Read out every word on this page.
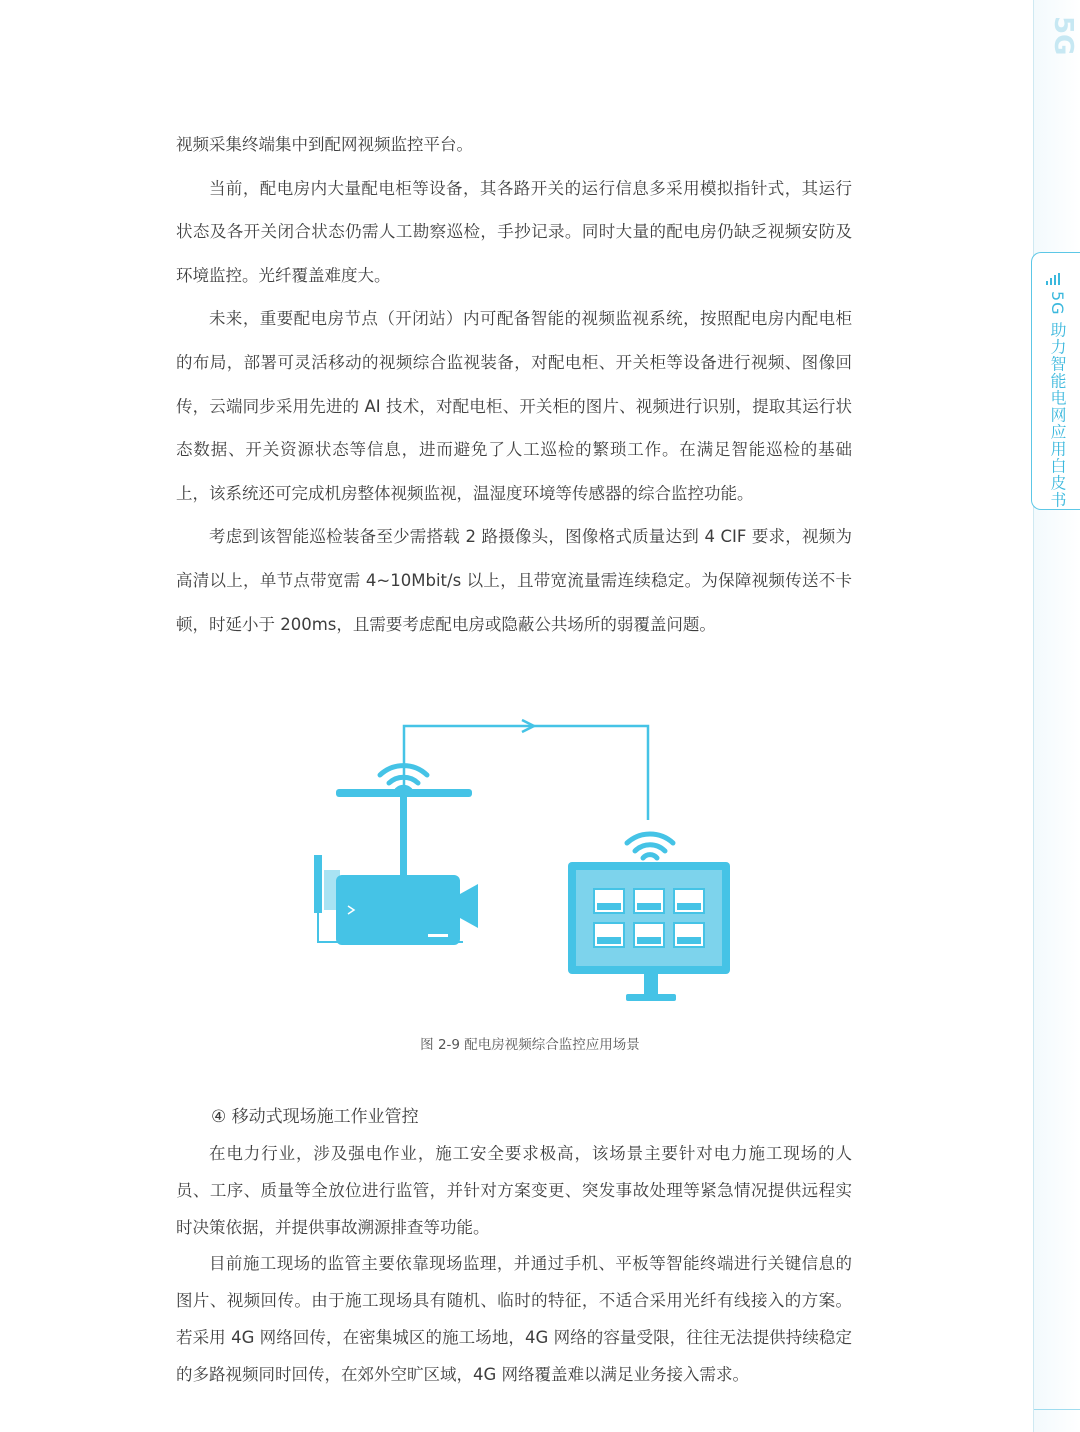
5G
5G 助力智能电网应用白皮书

视频采集终端集中到配网视频监控平台。

当前，配电房内大量配电柜等设备，其各路开关的运行信息多采用模拟指针式，其运行状态及各开关闭合状态仍需人工勘察巡检，手抄记录。同时大量的配电房仍缺乏视频安防及环境监控。光纤覆盖难度大。

未来，重要配电房节点（开闭站）内可配备智能的视频监视系统，按照配电房内配电柜的布局，部署可灵活移动的视频综合监视装备，对配电柜、开关柜等设备进行视频、图像回传，云端同步采用先进的 AI 技术，对配电柜、开关柜的图片、视频进行识别，提取其运行状态数据、开关资源状态等信息，进而避免了人工巡检的繁琐工作。在满足智能巡检的基础上，该系统还可完成机房整体视频监视，温湿度环境等传感器的综合监控功能。

考虑到该智能巡检装备至少需搭载 2 路摄像头，图像格式质量达到 4 CIF 要求，视频为高清以上，单节点带宽需 4~10Mbit/s 以上，且带宽流量需连续稳定。为保障视频传送不卡顿，时延小于 200ms，且需要考虑配电房或隐蔽公共场所的弱覆盖问题。

图 2-9 配电房视频综合监控应用场景

④ 移动式现场施工作业管控

在电力行业，涉及强电作业，施工安全要求极高，该场景主要针对电力施工现场的人员、工序、质量等全放位进行监管，并针对方案变更、突发事故处理等紧急情况提供远程实时决策依据，并提供事故溯源排查等功能。

目前施工现场的监管主要依靠现场监理，并通过手机、平板等智能终端进行关键信息的图片、视频回传。由于施工现场具有随机、临时的特征，不适合采用光纤有线接入的方案。若采用 4G 网络回传，在密集城区的施工场地，4G 网络的容量受限，往往无法提供持续稳定的多路视频同时回传，在郊外空旷区域，4G 网络覆盖难以满足业务接入需求。
